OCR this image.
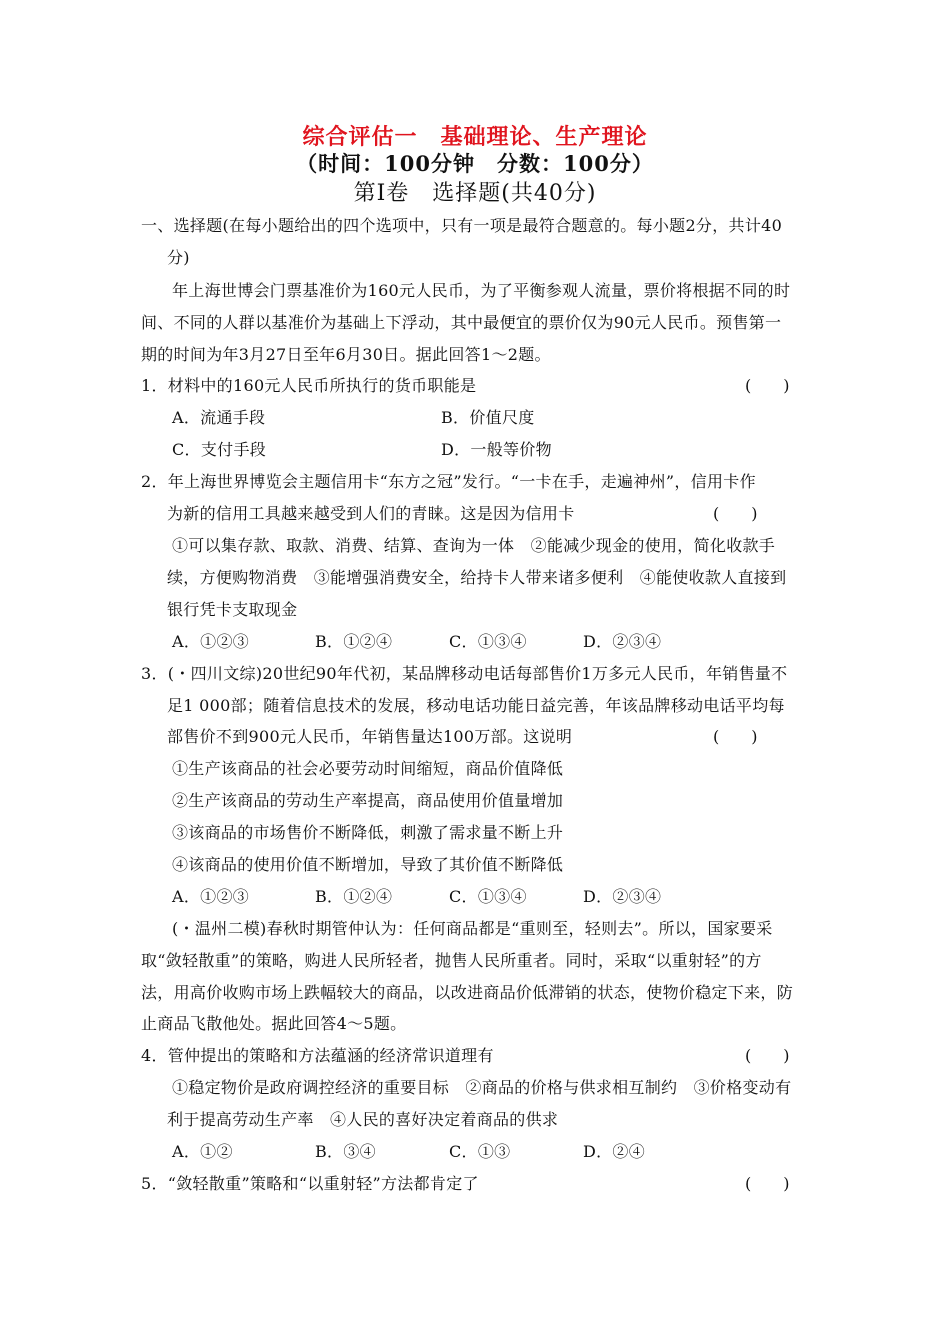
综合评估一　基础理论、生产理论
（时间：100分钟　分数：100分）
第Ⅰ卷　选择题(共40分)
一、选择题(在每小题给出的四个选项中，只有一项是最符合题意的。每小题2分，共计40
分)
年上海世博会门票基准价为160元人民币，为了平衡参观人流量，票价将根据不同的时
间、不同的人群以基准价为基础上下浮动，其中最便宜的票价仅为90元人民币。预售第一
期的时间为年3月27日至年6月30日。据此回答1～2题。
1．材料中的160元人民币所执行的货币职能是	(　　)
A．流通手段	B．价值尺度
C．支付手段	D．一般等价物
2．年上海世界博览会主题信用卡“东方之冠”发行。“一卡在手，走遍神州”，信用卡作
为新的信用工具越来越受到人们的青睐。这是因为信用卡	(　　)
①可以集存款、取款、消费、结算、查询为一体　②能减少现金的使用，简化收款手
续，方便购物消费　③能增强消费安全，给持卡人带来诸多便利　④能使收款人直接到
银行凭卡支取现金
A．①②③	B．①②④	C．①③④	D．②③④
3．(・四川文综)20世纪90年代初，某品牌移动电话每部售价1万多元人民币，年销售量不
足1 000部；随着信息技术的发展，移动电话功能日益完善，年该品牌移动电话平均每
部售价不到900元人民币，年销售量达100万部。这说明	(　　)
①生产该商品的社会必要劳动时间缩短，商品价值降低
②生产该商品的劳动生产率提高，商品使用价值量增加
③该商品的市场售价不断降低，刺激了需求量不断上升
④该商品的使用价值不断增加，导致了其价值不断降低
A．①②③	B．①②④	C．①③④	D．②③④
(・温州二模)春秋时期管仲认为：任何商品都是“重则至，轻则去”。所以，国家要采
取“敛轻散重”的策略，购进人民所轻者，抛售人民所重者。同时，采取“以重射轻”的方
法，用高价收购市场上跌幅较大的商品，以改进商品价低滞销的状态，使物价稳定下来，防
止商品飞散他处。据此回答4～5题。
4．管仲提出的策略和方法蕴涵的经济常识道理有	(　　)
①稳定物价是政府调控经济的重要目标　②商品的价格与供求相互制约　③价格变动有
利于提高劳动生产率　④人民的喜好决定着商品的供求
A．①②	B．③④	C．①③	D．②④
5．“敛轻散重”策略和“以重射轻”方法都肯定了	(　　)
